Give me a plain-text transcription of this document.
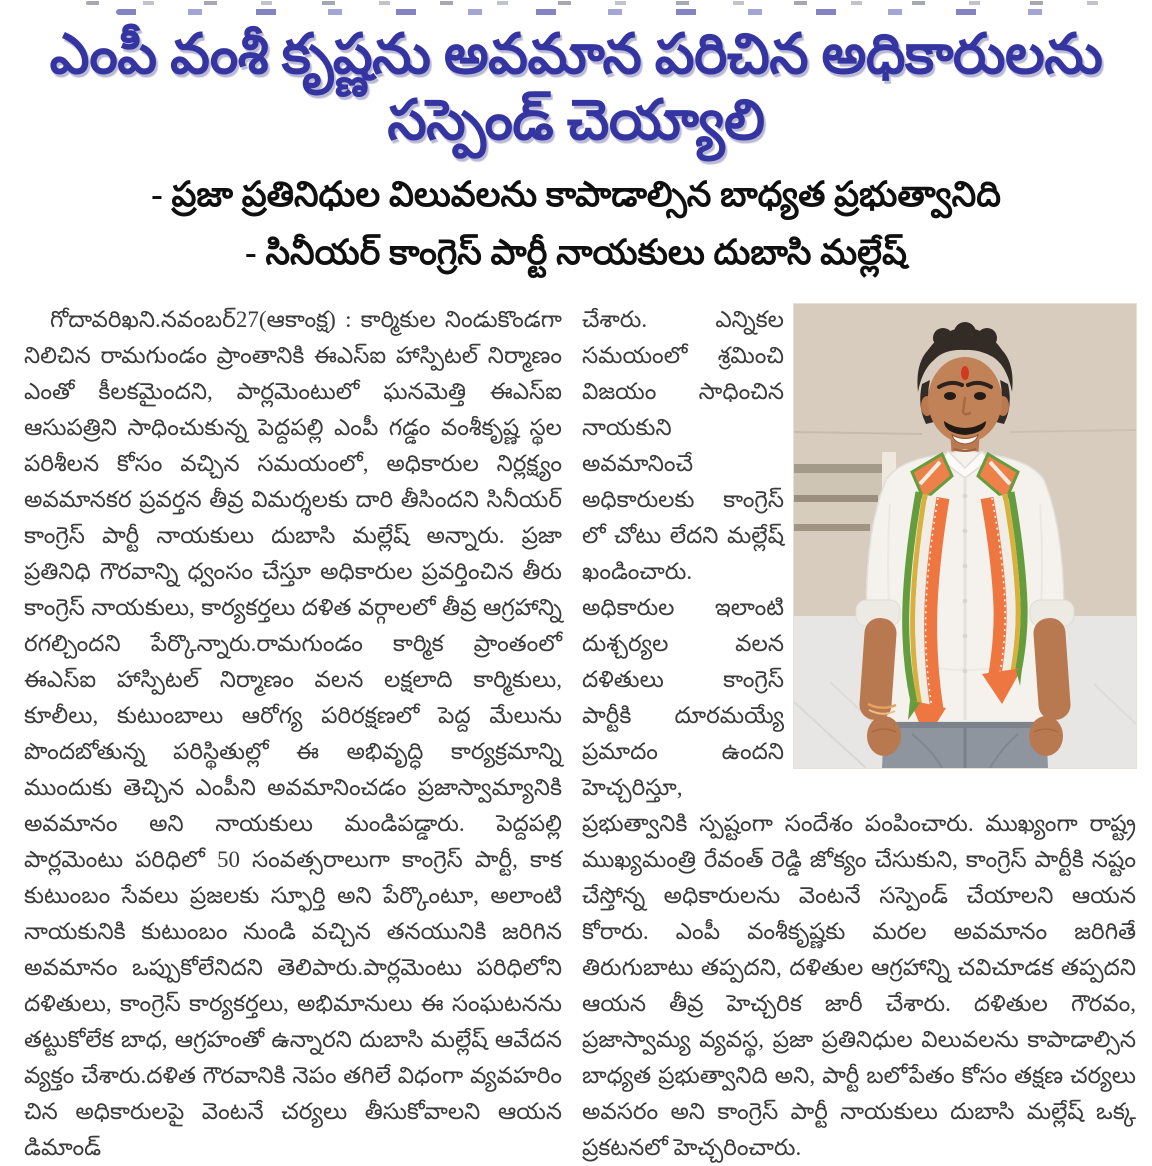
ఎంపీ వంశీ కృష్ణను అవమాన పరిచిన అధికారులను సస్పెండ్ చెయ్యాలి
- ప్రజా ప్రతినిధుల విలువలను కాపాడాల్సిన బాధ్యత ప్రభుత్వానిది
- సినీయర్ కాంగ్రెస్ పార్టీ నాయకులు దుబాసి మల్లేష్

గోదావరిఖని.నవంబర్27(ఆకాంక్ష) : కార్మికుల నిండుకొండగా నిలిచిన రామగుండం ప్రాంతానికి ఈఎస్ఐ హాస్పిటల్ నిర్మాణం ఎంతో కీలకమైందని, పార్లమెంటులో ఘనమెత్తి ఈఎస్ఐ ఆసుపత్రిని సాధించుకున్న పెద్దపల్లి ఎంపీ గడ్డం వంశీకృష్ణ స్థల పరిశీలన కోసం వచ్చిన సమయంలో, అధికారుల నిర్లక్ష్యం అవమానకర ప్రవర్తన తీవ్ర విమర్శలకు దారి తీసిందని సినీయర్ కాంగ్రెస్ పార్టీ నాయకులు దుబాసి మల్లేష్ అన్నారు. ప్రజా ప్రతినిధి గౌరవాన్ని ధ్వంసం చేస్తూ అధికారుల ప్రవర్తించిన తీరు కాంగ్రెస్ నాయకులు, కార్యకర్తలు దళిత వర్గాలలో తీవ్ర ఆగ్రహాన్ని రగల్చిందని పేర్కొన్నారు.రామగుండం కార్మిక ప్రాంతంలో ఈఎస్ఐ హాస్పిటల్ నిర్మాణం వలన లక్షలాది కార్మికులు, కూలీలు, కుటుంబాలు ఆరోగ్య పరిరక్షణలో పెద్ద మేలును పొందబోతున్న పరిస్థితుల్లో ఈ అభివృద్ధి కార్యక్రమాన్ని ముందుకు తెచ్చిన ఎంపీని అవమానించడం ప్రజాస్వామ్యానికి అవమానం అని నాయకులు మండిపడ్డారు. పెద్దపల్లి పార్లమెంటు పరిధిలో 50 సంవత్సరాలుగా కాంగ్రెస్ పార్టీ, కాక కుటుంబం సేవలు ప్రజలకు స్ఫూర్తి అని పేర్కొంటూ, అలాంటి నాయకునికి కుటుంబం నుండి వచ్చిన తనయునికి జరిగిన అవమానం ఒప్పుకోలేనిదని తెలిపారు.పార్లమెంటు పరిధిలోని దళితులు, కాంగ్రెస్ కార్యకర్తలు, అభిమానులు ఈ సంఘటనను తట్టుకోలేక బాధ, ఆగ్రహంతో ఉన్నారని దుబాసి మల్లేష్ ఆవేదన వ్యక్తం చేశారు.దళిత గౌరవానికి నెపం తగిలే విధంగా వ్యవహరిం చిన అధికారులపై వెంటనే చర్యలు తీసుకోవాలని ఆయన డిమాండ్

చేశారు. ఎన్నికల సమయంలో శ్రమించి విజయం సాధించిన నాయకుని అవమానించే అధికారులకు కాంగ్రెస్ లో చోటు లేదని మల్లేష్ ఖండించారు. అధికారుల ఇలాంటి దుశ్చర్యల వలన దళితులు కాంగ్రెస్ పార్టీకి దూరమయ్యే ప్రమాదం ఉందని హెచ్చరిస్తూ, ప్రభుత్వానికి స్పష్టంగా సందేశం పంపించారు. ముఖ్యంగా రాష్ట్ర ముఖ్యమంత్రి రేవంత్ రెడ్డి జోక్యం చేసుకుని, కాంగ్రెస్ పార్టీకి నష్టం చేస్తోన్న అధికారులను వెంటనే సస్పెండ్ చేయాలని ఆయన కోరారు. ఎంపీ వంశీకృష్ణకు మరల అవమానం జరిగితే తిరుగుబాటు తప్పదని, దళితుల ఆగ్రహాన్ని చవిచూడక తప్పదని ఆయన తీవ్ర హెచ్చరిక జారీ చేశారు. దళితుల గౌరవం, ప్రజాస్వామ్య వ్యవస్థ, ప్రజా ప్రతినిధుల విలువలను కాపాడాల్సిన బాధ్యత ప్రభుత్వానిది అని, పార్టీ బలోపేతం కోసం తక్షణ చర్యలు అవసరం అని కాంగ్రెస్ పార్టీ నాయకులు దుబాసి మల్లేష్ ఒక్క ప్రకటనలో హెచ్చరించారు.
